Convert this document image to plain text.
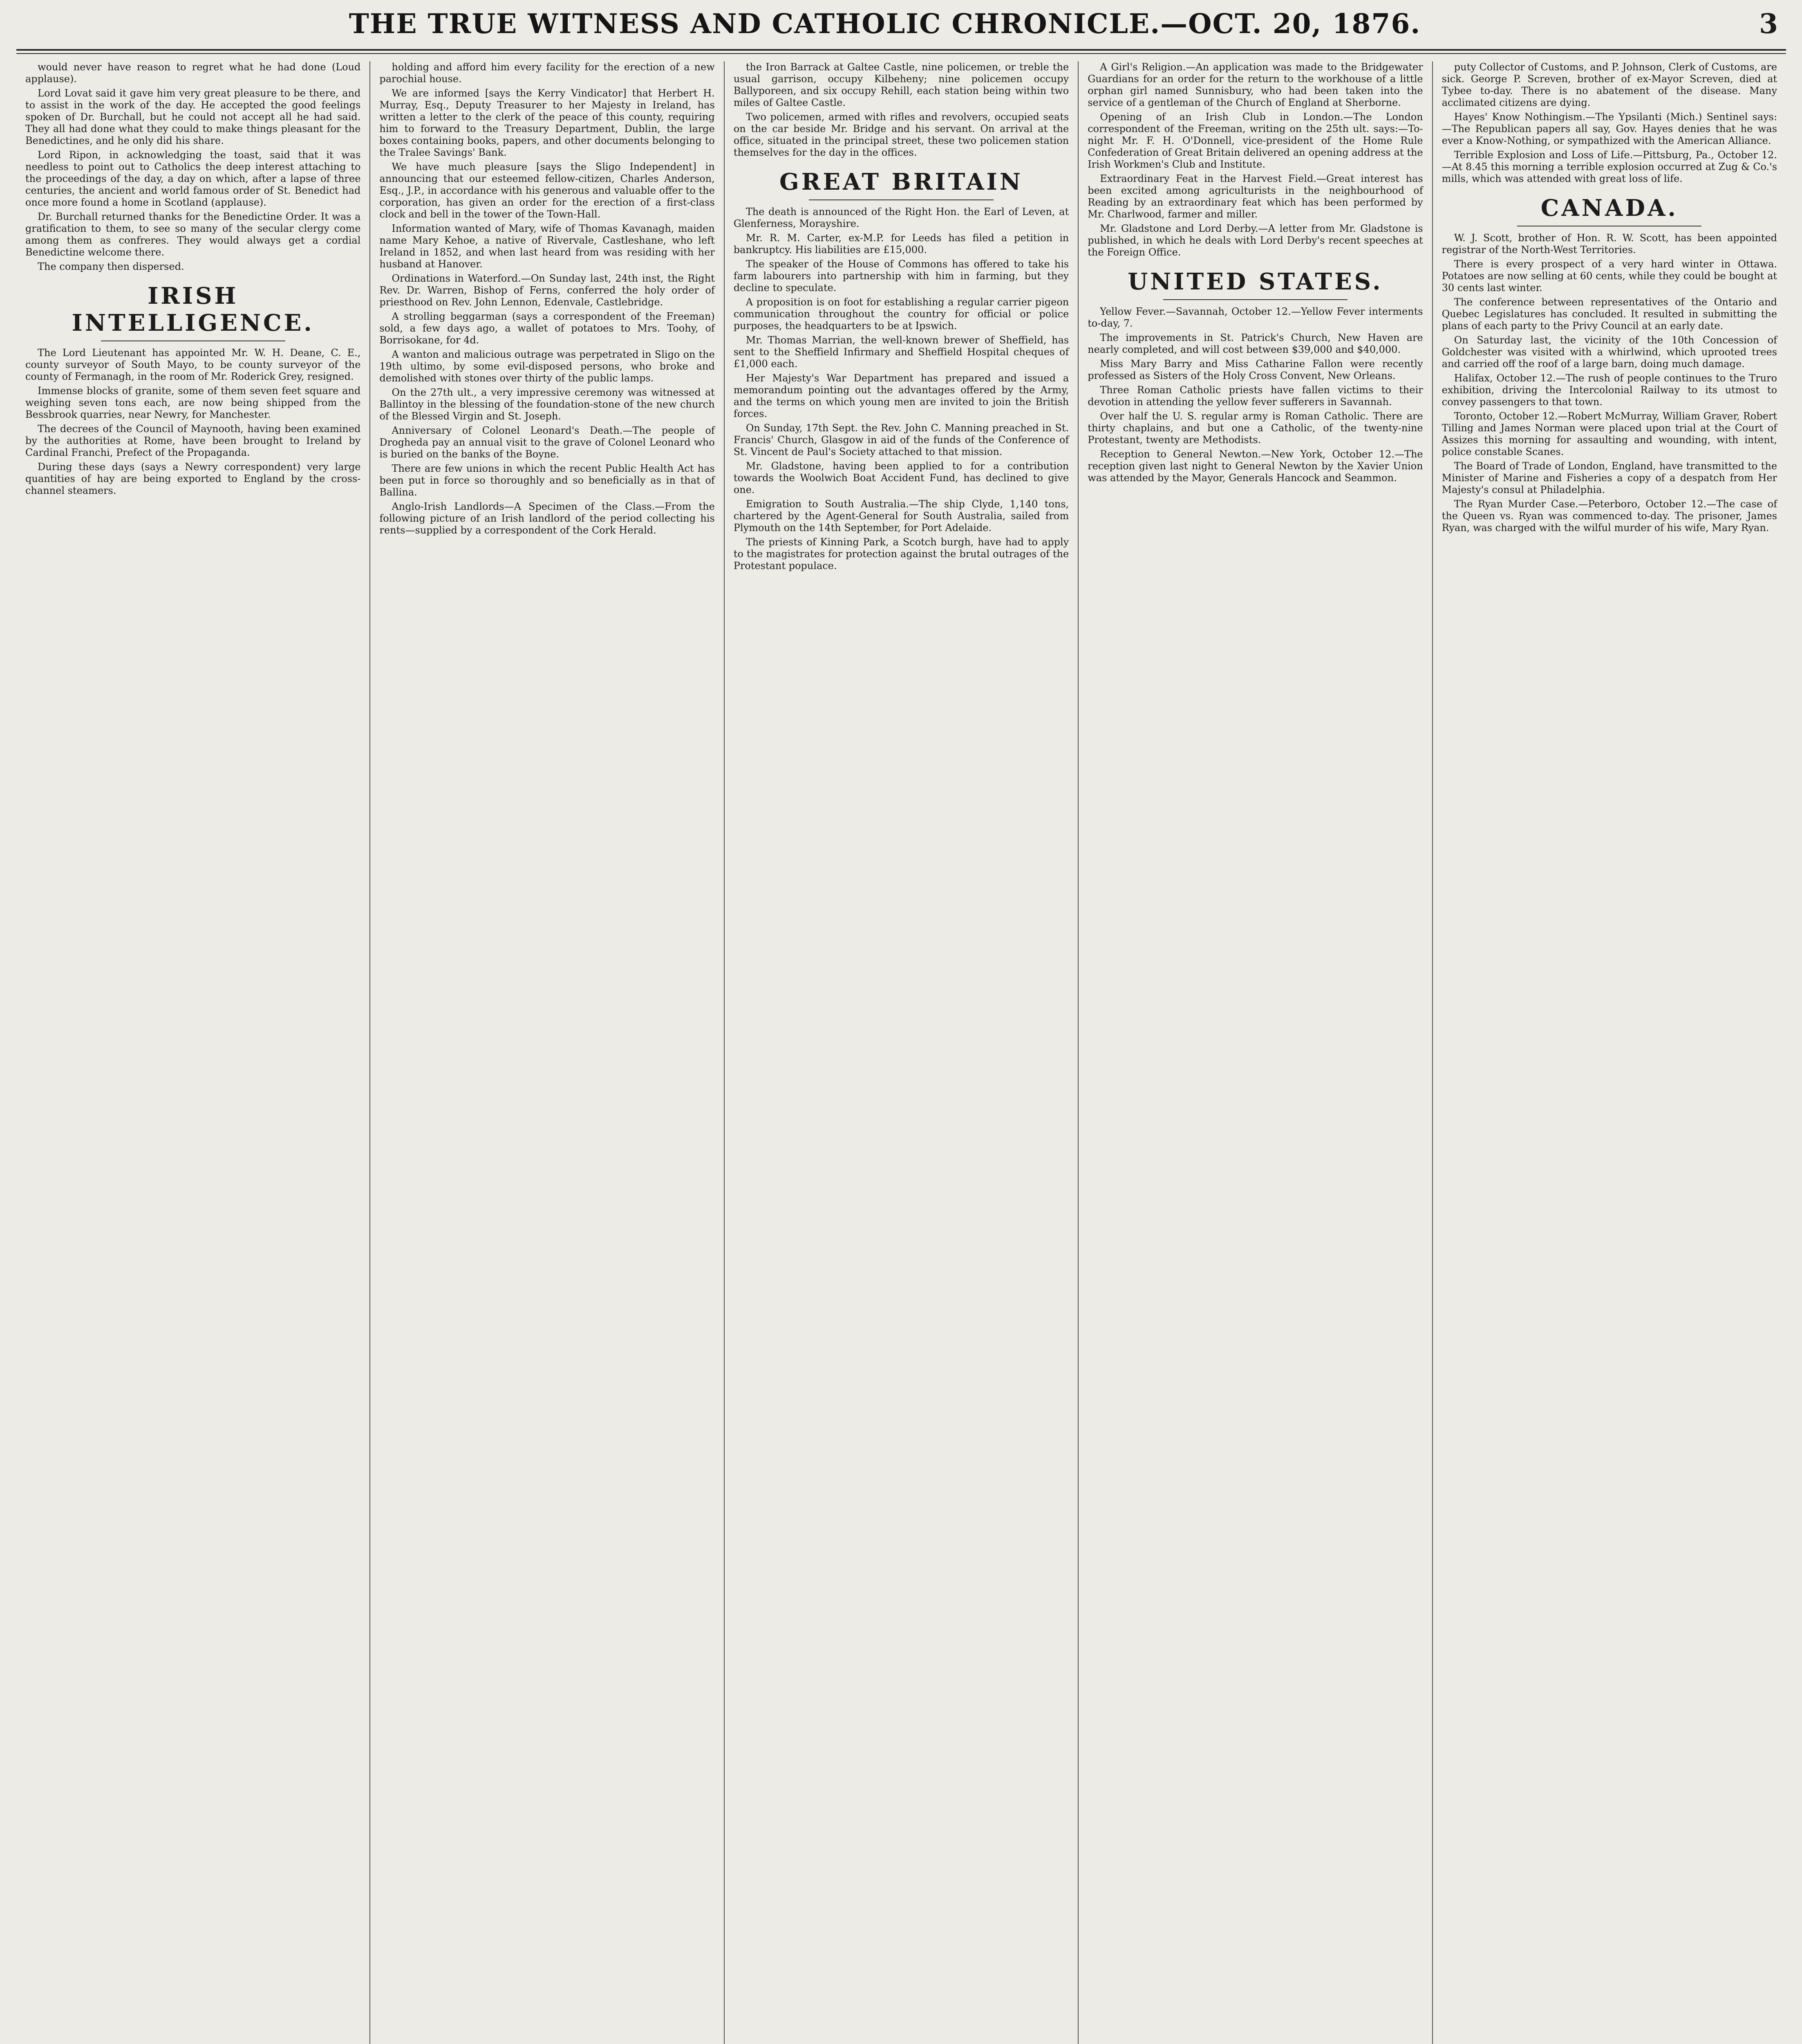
THE TRUE WITNESS AND CATHOLIC CHRONICLE.—OCT. 20, 1876.	3

would never have reason to regret what he had done (Loud applause).

Lord Lovat said it gave him very great pleasure to be there, and to assist in the work of the day. He accepted the good feelings spoken of Dr. Burchall, but he could not accept all he had said. They all had done what they could to make things pleasant for the Benedictines, and he only did his share.

Lord Ripon, in acknowledging the toast, said that it was needless to point out to Catholics the deep interest attaching to the proceedings of the day, a day on which, after a lapse of three centuries, the ancient and world famous order of St. Benedict had once more found a home in Scotland (applause).

Dr. Burchall returned thanks for the Benedictine Order. It was a gratification to them, to see so many of the secular clergy come among them as confreres. They would always get a cordial Benedictine welcome there.

The company then dispersed.

IRISH INTELLIGENCE.

The Lord Lieutenant has appointed Mr. W. H. Deane, C. E., county surveyor of South Mayo, to be county surveyor of the county of Fermanagh, in the room of Mr. Roderick Grey, resigned.

Immense blocks of granite, some of them seven feet square and weighing seven tons each, are now being shipped from the Bessbrook quarries, near Newry, for Manchester.

The decrees of the Council of Maynooth, having been examined by the authorities at Rome, have been brought to Ireland by Cardinal Franchi, Prefect of the Propaganda.

During these days (says a Newry correspondent) very large quantities of hay are being exported to England by the cross-channel steamers.

holding and afford him every facility for the erection of a new parochial house.

We are informed [says the Kerry Vindicator] that Herbert H. Murray, Esq., Deputy Treasurer to her Majesty in Ireland, has written a letter to the clerk of the peace of this county, requiring him to forward to the Treasury Department, Dublin, the large boxes containing books, papers, and other documents belonging to the Tralee Savings' Bank.

We have much pleasure [says the Sligo Independent] in announcing that our esteemed fellow-citizen, Charles Anderson, Esq., J.P., in accordance with his generous and valuable offer to the corporation, has given an order for the erection of a first-class clock and bell in the tower of the Town-Hall.

Information wanted of Mary, wife of Thomas Kavanagh, maiden name Mary Kehoe, a native of Rivervale, Castleshane, who left Ireland in 1852, and when last heard from was residing with her husband at Hanover.

Ordinations in Waterford.—On Sunday last, 24th inst, the Right Rev. Dr. Warren, Bishop of Ferns, conferred the holy order of priesthood on Rev. John Lennon, Edenvale, Castlebridge.

A strolling beggarman (says a correspondent of the Freeman) sold, a few days ago, a wallet of potatoes to Mrs. Toohy, of Borrisokane, for 4d.

A wanton and malicious outrage was perpetrated in Sligo on the 19th ultimo, by some evil-disposed persons, who broke and demolished with stones over thirty of the public lamps.

On the 27th ult., a very impressive ceremony was witnessed at Ballintoy in the blessing of the foundation-stone of the new church of the Blessed Virgin and St. Joseph.

Anniversary of Colonel Leonard's Death.—The people of Drogheda pay an annual visit to the grave of Colonel Leonard who is buried on the banks of the Boyne.

There are few unions in which the recent Public Health Act has been put in force so thoroughly and so beneficially as in that of Ballina.

Anglo-Irish Landlords—A Specimen of the Class.—From the following picture of an Irish landlord of the period collecting his rents—supplied by a correspondent of the Cork Herald.

the Iron Barrack at Galtee Castle, nine policemen, or treble the usual garrison, occupy Kilbeheny; nine policemen occupy Ballyporeen, and six occupy Rehill, each station being within two miles of Galtee Castle.

Two policemen, armed with rifles and revolvers, occupied seats on the car beside Mr. Bridge and his servant. On arrival at the office, situated in the principal street, these two policemen station themselves for the day in the offices.

GREAT BRITAIN

The death is announced of the Right Hon. the Earl of Leven, at Glenferness, Morayshire.

Mr. R. M. Carter, ex-M.P. for Leeds has filed a petition in bankruptcy. His liabilities are £15,000.

The speaker of the House of Commons has offered to take his farm labourers into partnership with him in farming, but they decline to speculate.

A proposition is on foot for establishing a regular carrier pigeon communication throughout the country for official or police purposes, the headquarters to be at Ipswich.

Mr. Thomas Marrian, the well-known brewer of Sheffield, has sent to the Sheffield Infirmary and Sheffield Hospital cheques of £1,000 each.

Her Majesty's War Department has prepared and issued a memorandum pointing out the advantages offered by the Army, and the terms on which young men are invited to join the British forces.

On Sunday, 17th Sept. the Rev. John C. Manning preached in St. Francis' Church, Glasgow in aid of the funds of the Conference of St. Vincent de Paul's Society attached to that mission.

Mr. Gladstone, having been applied to for a contribution towards the Woolwich Boat Accident Fund, has declined to give one.

Emigration to South Australia.—The ship Clyde, 1,140 tons, chartered by the Agent-General for South Australia, sailed from Plymouth on the 14th September, for Port Adelaide.

The priests of Kinning Park, a Scotch burgh, have had to apply to the magistrates for protection against the brutal outrages of the Protestant populace.

A Girl's Religion.—An application was made to the Bridgewater Guardians for an order for the return to the workhouse of a little orphan girl named Sunnisbury, who had been taken into the service of a gentleman of the Church of England at Sherborne.

Opening of an Irish Club in London.—The London correspondent of the Freeman, writing on the 25th ult. says:—To-night Mr. F. H. O'Donnell, vice-president of the Home Rule Confederation of Great Britain delivered an opening address at the Irish Workmen's Club and Institute.

Extraordinary Feat in the Harvest Field.—Great interest has been excited among agriculturists in the neighbourhood of Reading by an extraordinary feat which has been performed by Mr. Charlwood, farmer and miller.

Mr. Gladstone and Lord Derby.—A letter from Mr. Gladstone is published, in which he deals with Lord Derby's recent speeches at the Foreign Office.

UNITED STATES.

Yellow Fever.—Savannah, October 12.—Yellow Fever interments to-day, 7.

The improvements in St. Patrick's Church, New Haven are nearly completed, and will cost between $39,000 and $40,000.

Miss Mary Barry and Miss Catharine Fallon were recently professed as Sisters of the Holy Cross Convent, New Orleans.

Three Roman Catholic priests have fallen victims to their devotion in attending the yellow fever sufferers in Savannah.

Over half the U. S. regular army is Roman Catholic. There are thirty chaplains, and but one a Catholic, of the twenty-nine Protestant, twenty are Methodists.

Reception to General Newton.—New York, October 12.—The reception given last night to General Newton by the Xavier Union was attended by the Mayor, Generals Hancock and Seammon.

puty Collector of Customs, and P. Johnson, Clerk of Customs, are sick. George P. Screven, brother of ex-Mayor Screven, died at Tybee to-day. There is no abatement of the disease. Many acclimated citizens are dying.

Hayes' Know Nothingism.—The Ypsilanti (Mich.) Sentinel says:—The Republican papers all say, Gov. Hayes denies that he was ever a Know-Nothing, or sympathized with the American Alliance.

Terrible Explosion and Loss of Life.—Pittsburg, Pa., October 12.—At 8.45 this morning a terrible explosion occurred at Zug & Co.'s mills, which was attended with great loss of life.

CANADA.

W. J. Scott, brother of Hon. R. W. Scott, has been appointed registrar of the North-West Territories.

There is every prospect of a very hard winter in Ottawa. Potatoes are now selling at 60 cents, while they could be bought at 30 cents last winter.

The conference between representatives of the Ontario and Quebec Legislatures has concluded. It resulted in submitting the plans of each party to the Privy Council at an early date.

On Saturday last, the vicinity of the 10th Concession of Goldchester was visited with a whirlwind, which uprooted trees and carried off the roof of a large barn, doing much damage.

Halifax, October 12.—The rush of people continues to the Truro exhibition, driving the Intercolonial Railway to its utmost to convey passengers to that town.

Toronto, October 12.—Robert McMurray, William Graver, Robert Tilling and James Norman were placed upon trial at the Court of Assizes this morning for assaulting and wounding, with intent, police constable Scanes.

The Board of Trade of London, England, have transmitted to the Minister of Marine and Fisheries a copy of a despatch from Her Majesty's consul at Philadelphia.

The Ryan Murder Case.—Peterboro, October 12.—The case of the Queen vs. Ryan was commenced to-day. The prisoner, James Ryan, was charged with the wilful murder of his wife, Mary Ryan.
